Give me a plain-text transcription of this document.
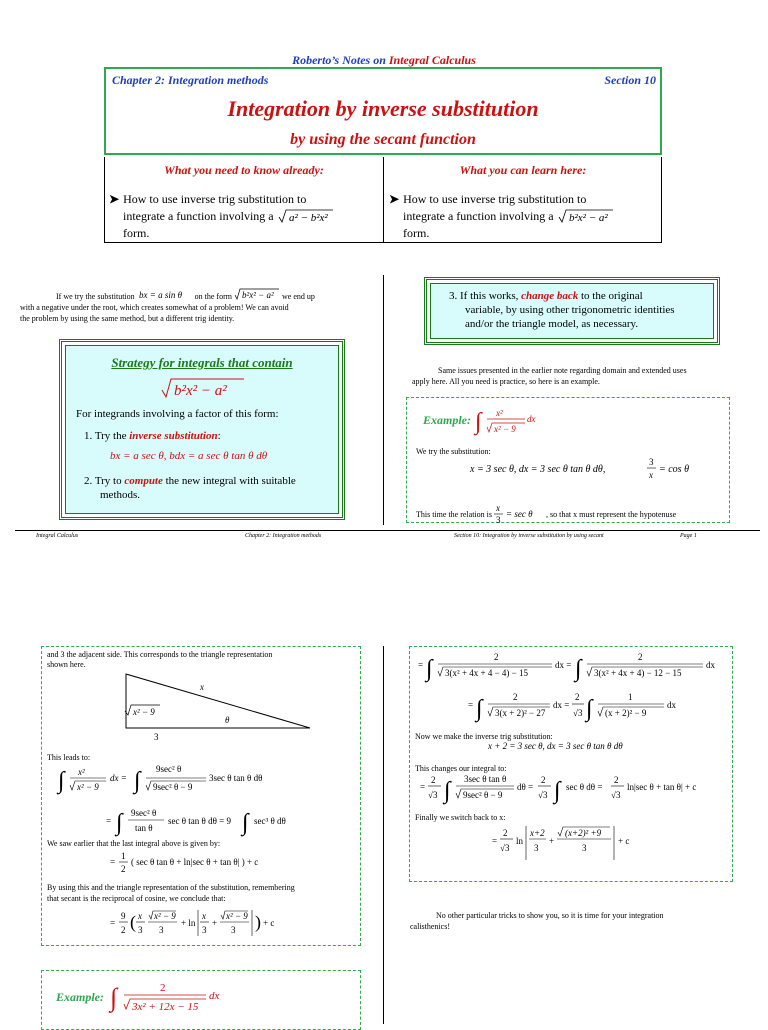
Roberto’s Notes on Integral Calculus
Chapter 2: Integration methods	Section 10
Integration by inverse substitution
by using the secant function
What you need to know already:	What you can learn here:
➤ How to use inverse trig substitution to
integrate a function involving a a² − b²x²
form.
➤ How to use inverse trig substitution to
integrate a function involving a b²x² − a²
form.
If we try the substitution bx = a sin θ on the form b²x² − a² we end up
with a negative under the root, which creates somewhat of a problem! We can avoid
the problem by using the same method, but a different trig identity.
Strategy for integrals that contain
b²x² − a²
For integrands involving a factor of this form:
1. Try the inverse substitution:
bx = a sec θ, bdx = a sec θ tan θ dθ
2. Try to compute the new integral with suitable
methods.
3. If this works, change back to the original
variable, by using other trigonometric identities
and/or the triangle model, as necessary.
Same issues presented in the earlier note regarding domain and extended uses
apply here. All you need is practice, so here is an example.
Example: ∫ x²
x² − 9
dx
We try the substitution:
x = 3 sec θ, dx = 3 sec θ tan θ dθ,
3
x = cos θ
This time the relation is
x
3
= sec θ , so that x must represent the hypotenuse
Integral Calculus	Chapter 2: Integration methods	Section 10: Integration by inverse substitution by using secant	Page 1
and 3 the adjacent side. This corresponds to the triangle representation
shown here.
x
θ
3
x² − 9
This leads to:
∫ x²
x² − 9
dx = ∫ 9sec² θ
9sec² θ − 9
3sec θ tan θ dθ
= ∫ 9sec² θ
tan θ
sec θ tan θ dθ = 9 ∫ sec³ θ dθ
We saw earlier that the last integral above is given by:
=
1
2
( sec θ tan θ + ln|sec θ + tan θ| ) + c
By using this and the triangle representation of the substitution, remembering
that secant is the reciprocal of cosine, we conclude that:
=
9
2 ( x
3
x² − 9
3
+ ln
x
3
+
x² − 9
3 ) + c
Example: ∫	2
3x² + 12x − 15
dx
= ∫	2
3(x² + 4x + 4 − 4) − 15
dx = ∫	2
3(x² + 4x + 4) − 12 − 15
dx
= ∫	2
3(x + 2)² − 27
dx =
2
√3 ∫	1
(x + 2)² − 9
dx
Now we make the inverse trig substitution:
x + 2 = 3 sec θ, dx = 3 sec θ tan θ dθ
This changes our integral to:
=
2
√3 ∫ 3sec θ tan θ
9sec² θ − 9
dθ =
2
√3 ∫ sec θ dθ =
2
√3
ln|sec θ + tan θ| + c
Finally we switch back to x:
=
2
√3
ln
x+2
3
+
(x+2)² +9
3
+ c
No other particular tricks to show you, so it is time for your integration
calisthenics!
